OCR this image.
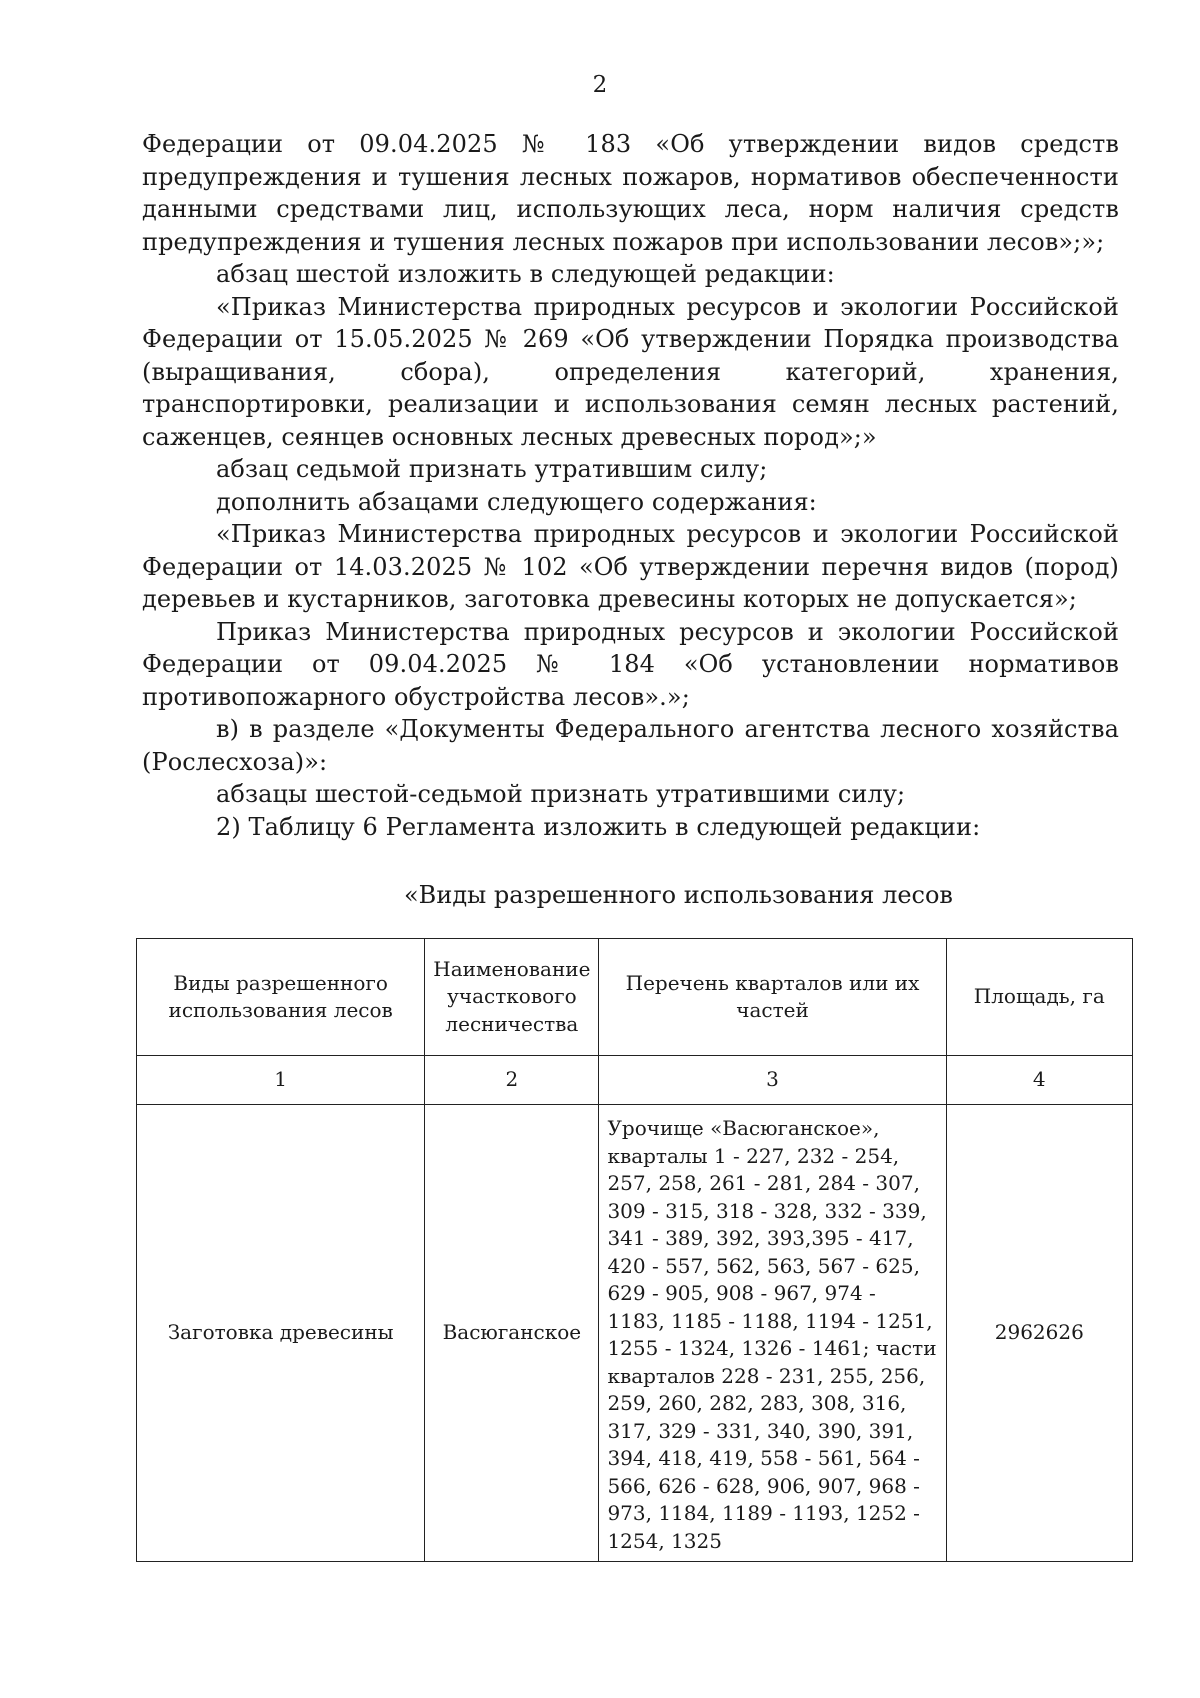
2

Федерации от 09.04.2025 № 183 «Об утверждении видов средств предупреждения и тушения лесных пожаров, нормативов обеспеченности данными средствами лиц, использующих леса, норм наличия средств предупреждения и тушения лесных пожаров при использовании лесов»;»;

абзац шестой изложить в следующей редакции:

«Приказ Министерства природных ресурсов и экологии Российской Федерации от 15.05.2025 № 269 «Об утверждении Порядка производства (выращивания, сбора), определения категорий, хранения, транспортировки, реализации и использования семян лесных растений, саженцев, сеянцев основных лесных древесных пород»;»

абзац седьмой признать утратившим силу;

дополнить абзацами следующего содержания:

«Приказ Министерства природных ресурсов и экологии Российской Федерации от 14.03.2025 № 102 «Об утверждении перечня видов (пород) деревьев и кустарников, заготовка древесины которых не допускается»;

Приказ Министерства природных ресурсов и экологии Российской Федерации от 09.04.2025 № 184 «Об установлении нормативов противопожарного обустройства лесов».»;

в) в разделе «Документы Федерального агентства лесного хозяйства (Рослесхоза)»:

абзацы шестой-седьмой признать утратившими силу;

2) Таблицу 6 Регламента изложить в следующей редакции:

«Виды разрешенного использования лесов
Виды разрешенного использования лесов	Наименование участкового лесничества	Перечень кварталов или их частей	Площадь, га
1	2	3	4
Заготовка древесины	Васюганское	Урочище «Васюганское», кварталы 1 - 227, 232 - 254, 257, 258, 261 - 281, 284 - 307, 309 - 315, 318 - 328, 332 - 339, 341 - 389, 392, 393,395 - 417, 420 - 557, 562, 563, 567 - 625, 629 - 905, 908 - 967, 974 - 1183, 1185 - 1188, 1194 - 1251, 1255 - 1324, 1326 - 1461; части кварталов 228 - 231, 255, 256, 259, 260, 282, 283, 308, 316, 317, 329 - 331, 340, 390, 391, 394, 418, 419, 558 - 561, 564 - 566, 626 - 628, 906, 907, 968 - 973, 1184, 1189 - 1193, 1252 - 1254, 1325	2962626
